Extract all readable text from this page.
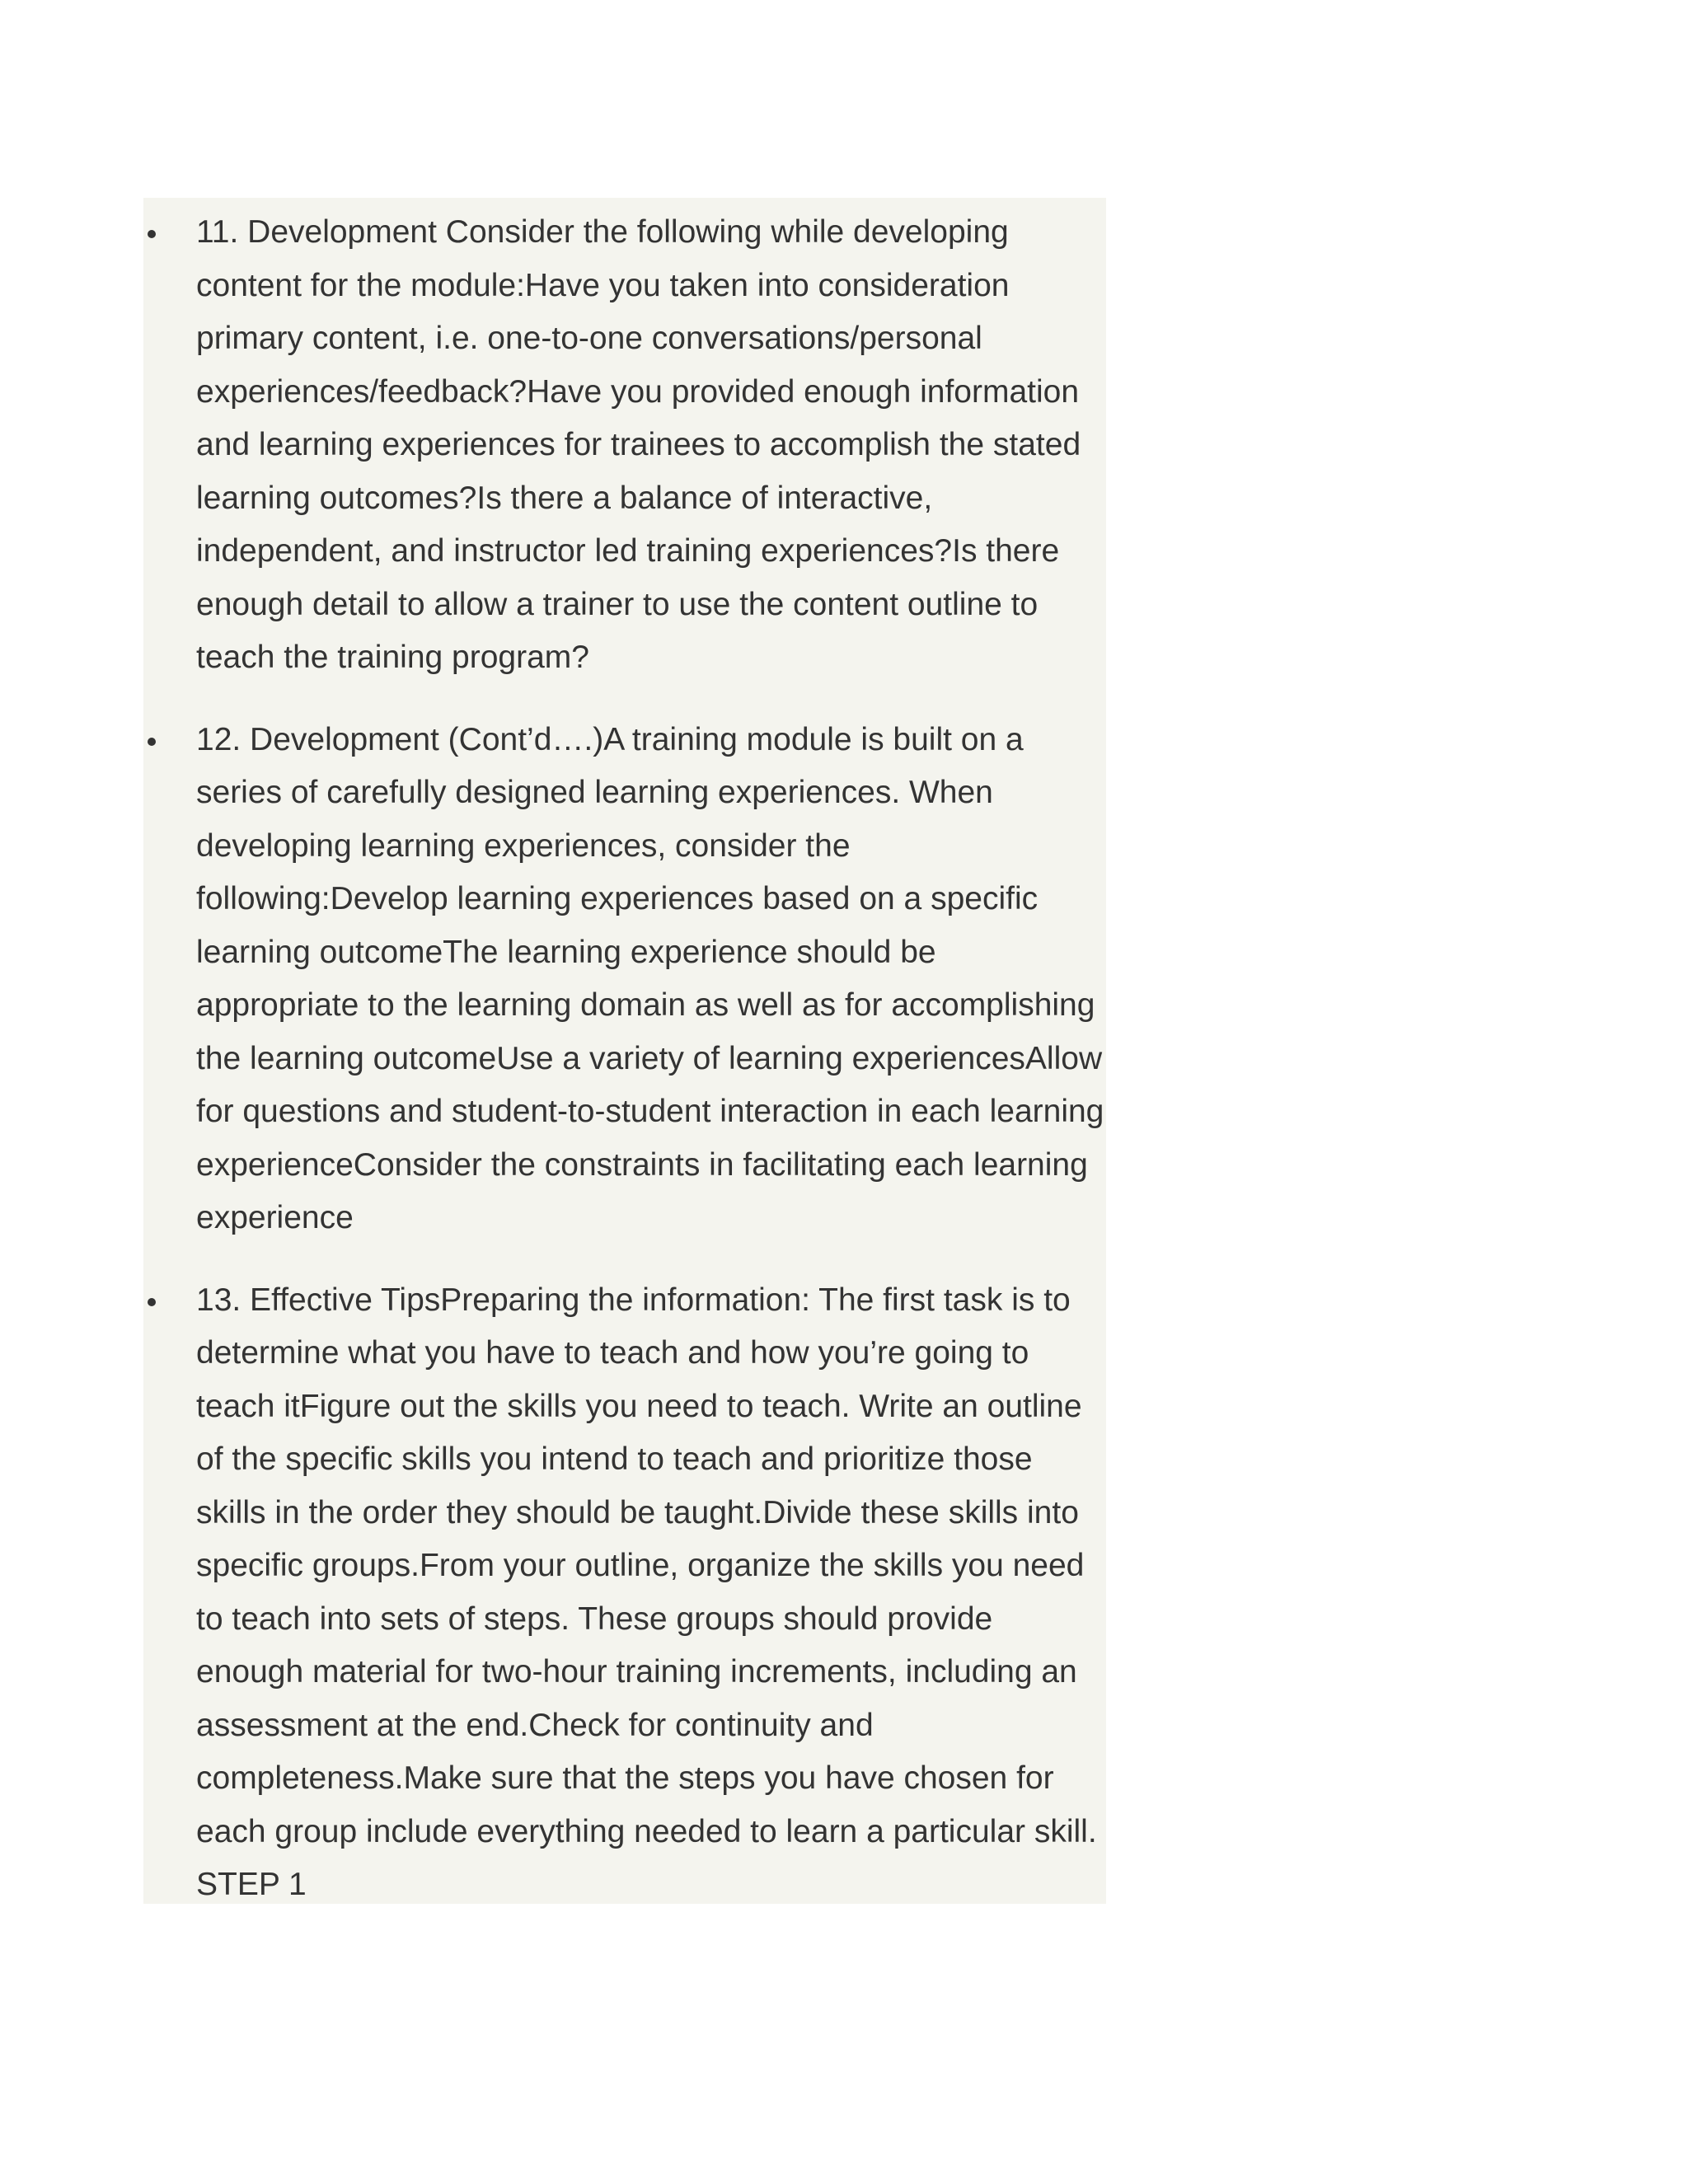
11. Development Consider the following while developing content for the module:Have you taken into consideration primary content, i.e. one-to-one conversations/personal experiences/feedback?Have you provided enough information and learning experiences for trainees to accomplish the stated learning outcomes?Is there a balance of interactive, independent, and instructor led training experiences?Is there enough detail to allow a trainer to use the content outline to teach the training program?
12. Development (Cont’d….)A training module is built on a series of carefully designed learning experiences. When developing learning experiences, consider the following:Develop learning experiences based on a specific learning outcomeThe learning experience should be appropriate to the learning domain as well as for accomplishing the learning outcomeUse a variety of learning experiencesAllow for questions and student-to-student interaction in each learning experienceConsider the constraints in facilitating each learning experience
13. Effective TipsPreparing the information: The first task is to determine what you have to teach and how you’re going to teach itFigure out the skills you need to teach. Write an outline of the specific skills you intend to teach and prioritize those skills in the order they should be taught.Divide these skills into specific groups.From your outline, organize the skills you need to teach into sets of steps. These groups should provide enough material for two-hour training increments, including an assessment at the end.Check for continuity and completeness.Make sure that the steps you have chosen for each group include everything needed to learn a particular skill. STEP 1
